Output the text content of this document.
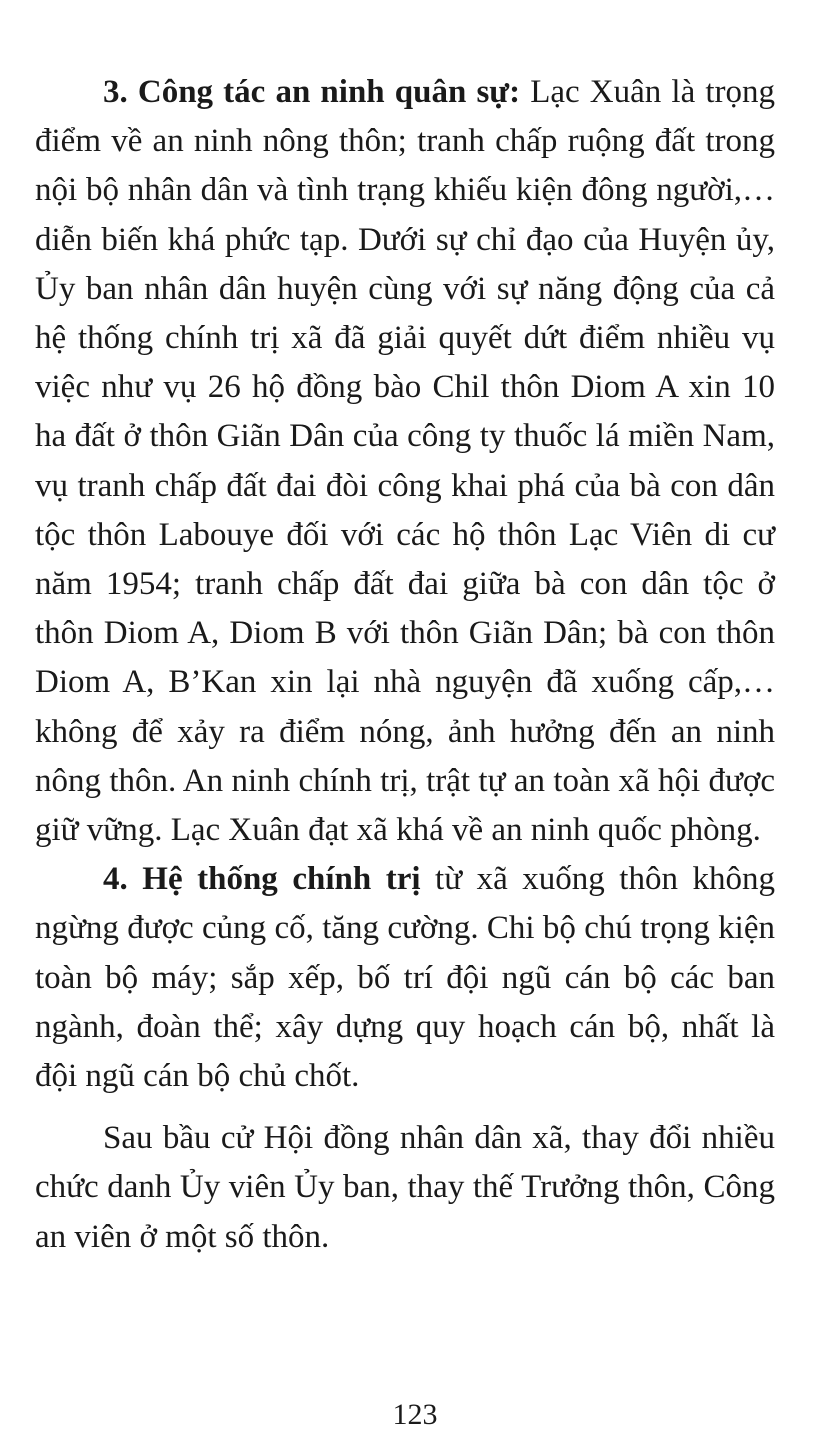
3. Công tác an ninh quân sự: Lạc Xuân là trọng điểm về an ninh nông thôn; tranh chấp ruộng đất trong nội bộ nhân dân và tình trạng khiếu kiện đông người,… diễn biến khá phức tạp. Dưới sự chỉ đạo của Huyện ủy, Ủy ban nhân dân huyện cùng với sự năng động của cả hệ thống chính trị xã đã giải quyết dứt điểm nhiều vụ việc như vụ 26 hộ đồng bào Chil thôn Diom A xin 10 ha đất ở thôn Giãn Dân của công ty thuốc lá miền Nam, vụ tranh chấp đất đai đòi công khai phá của bà con dân tộc thôn Labouye đối với các hộ thôn Lạc Viên di cư năm 1954; tranh chấp đất đai giữa bà con dân tộc ở thôn Diom A, Diom B với thôn Giãn Dân; bà con thôn Diom A, B’Kan xin lại nhà nguyện đã xuống cấp,… không để xảy ra điểm nóng, ảnh hưởng đến an ninh nông thôn. An ninh chính trị, trật tự an toàn xã hội được giữ vững. Lạc Xuân đạt xã khá về an ninh quốc phòng.

4. Hệ thống chính trị từ xã xuống thôn không ngừng được củng cố, tăng cường. Chi bộ chú trọng kiện toàn bộ máy; sắp xếp, bố trí đội ngũ cán bộ các ban ngành, đoàn thể; xây dựng quy hoạch cán bộ, nhất là đội ngũ cán bộ chủ chốt.

Sau bầu cử Hội đồng nhân dân xã, thay đổi nhiều chức danh Ủy viên Ủy ban, thay thế Trưởng thôn, Công an viên ở một số thôn.

123
